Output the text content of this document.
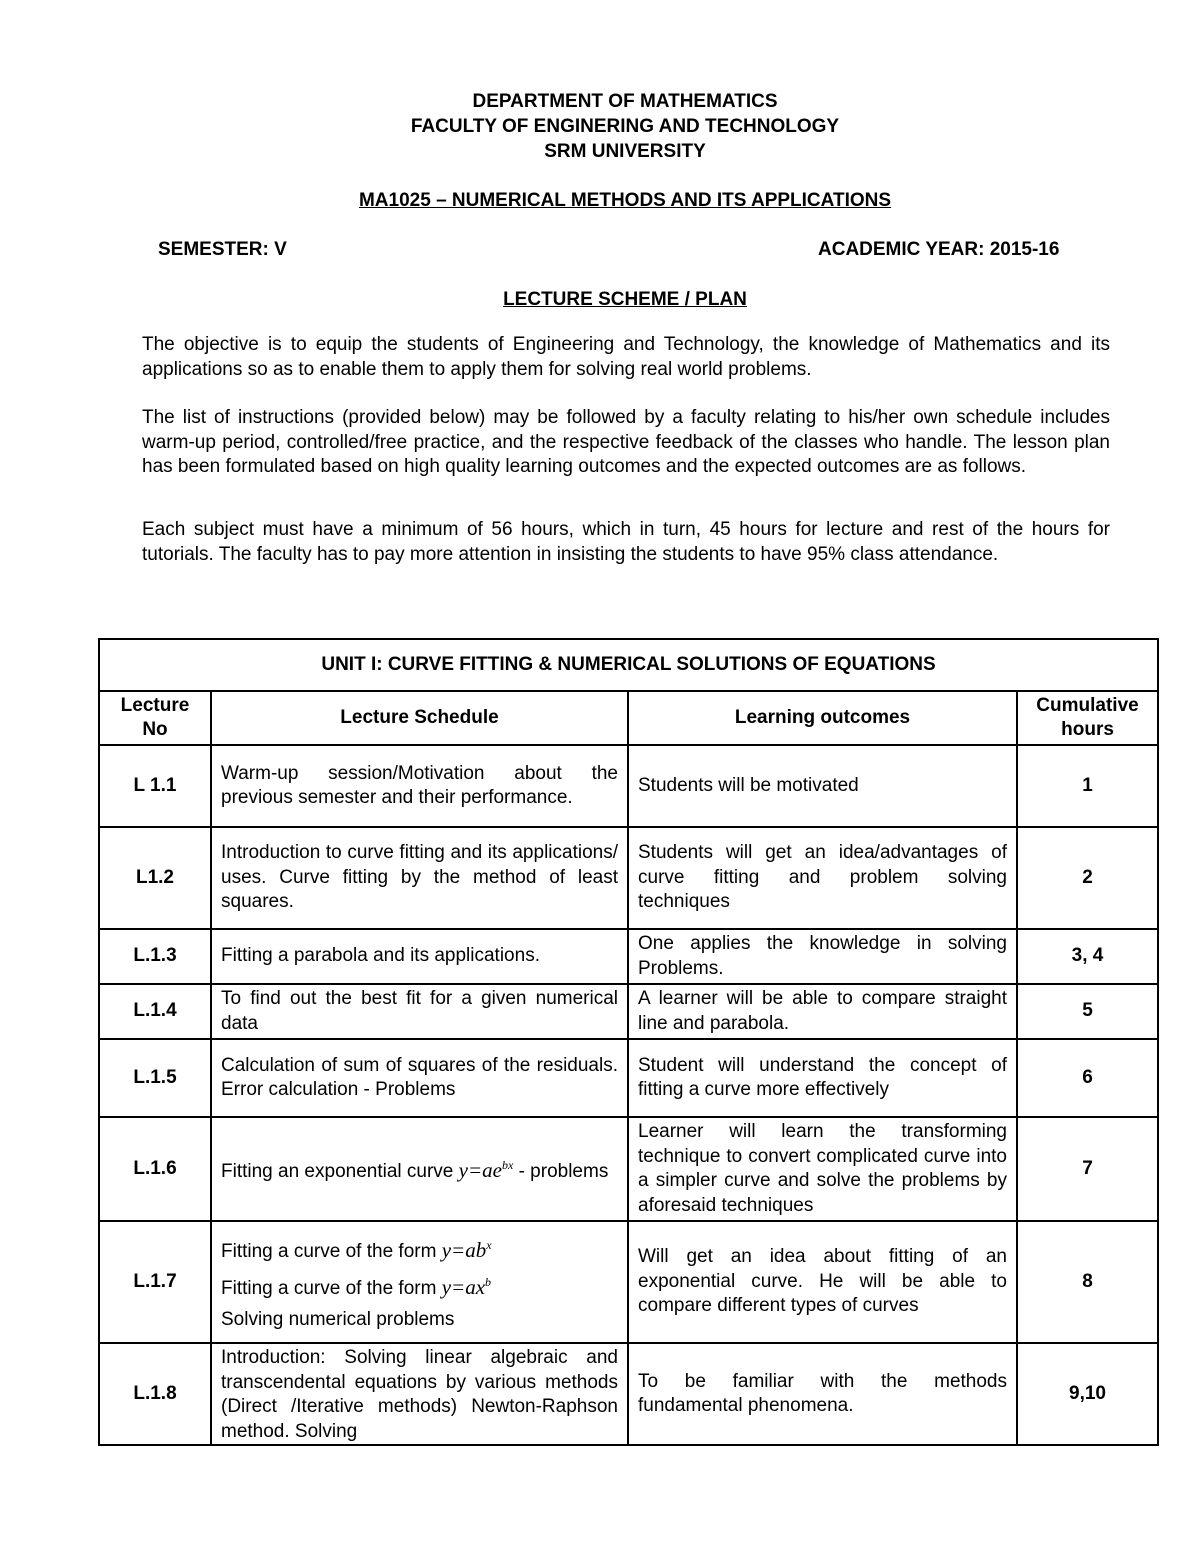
DEPARTMENT OF MATHEMATICS
FACULTY OF ENGINERING AND TECHNOLOGY
SRM UNIVERSITY
MA1025 – NUMERICAL METHODS AND ITS APPLICATIONS
SEMESTER: V	ACADEMIC YEAR: 2015-16
LECTURE SCHEME / PLAN

The objective is to equip the students of Engineering and Technology, the knowledge of Mathematics and its applications so as to enable them to apply them for solving real world problems.

The list of instructions (provided below) may be followed by a faculty relating to his/her own schedule includes warm-up period, controlled/free practice, and the respective feedback of the classes who handle. The lesson plan has been formulated based on high quality learning outcomes and the expected outcomes are as follows.

Each subject must have a minimum of 56 hours, which in turn, 45 hours for lecture and rest of the hours for tutorials. The faculty has to pay more attention in insisting the students to have 95% class attendance.

UNIT I: CURVE FITTING & NUMERICAL SOLUTIONS OF EQUATIONS			
Lecture No	Lecture Schedule	Learning outcomes	Cumulative hours
L 1.1	Warm-up session/Motivation about the previous semester and their performance.	Students will be motivated	1
L1.2	Introduction to curve fitting and its applications/ uses. Curve fitting by the method of least squares.	Students will get an idea/advantages of curve fitting and problem solving techniques	2
L.1.3	Fitting a parabola and its applications.	One applies the knowledge in solving Problems.	3, 4
L.1.4	To find out the best fit for a given numerical data	A learner will be able to compare straight line and parabola.	5
L.1.5	Calculation of sum of squares of the residuals. Error calculation - Problems	Student will understand the concept of fitting a curve more effectively	6
L.1.6	Fitting an exponential curve $y=ae^{bx}$ - problems	Learner will learn the transforming technique to convert complicated curve into a simpler curve and solve the problems by aforesaid techniques	7
L.1.7	Fitting a curve of the form $y=ab^x$
Fitting a curve of the form $y=ax^b$
Solving numerical problems	Will get an idea about fitting of an exponential curve. He will be able to compare different types of curves	8
L.1.8	Introduction: Solving linear algebraic and transcendental equations by various methods (Direct /Iterative methods) Newton-Raphson method. Solving	To be familiar with the methods fundamental phenomena.	9,10
